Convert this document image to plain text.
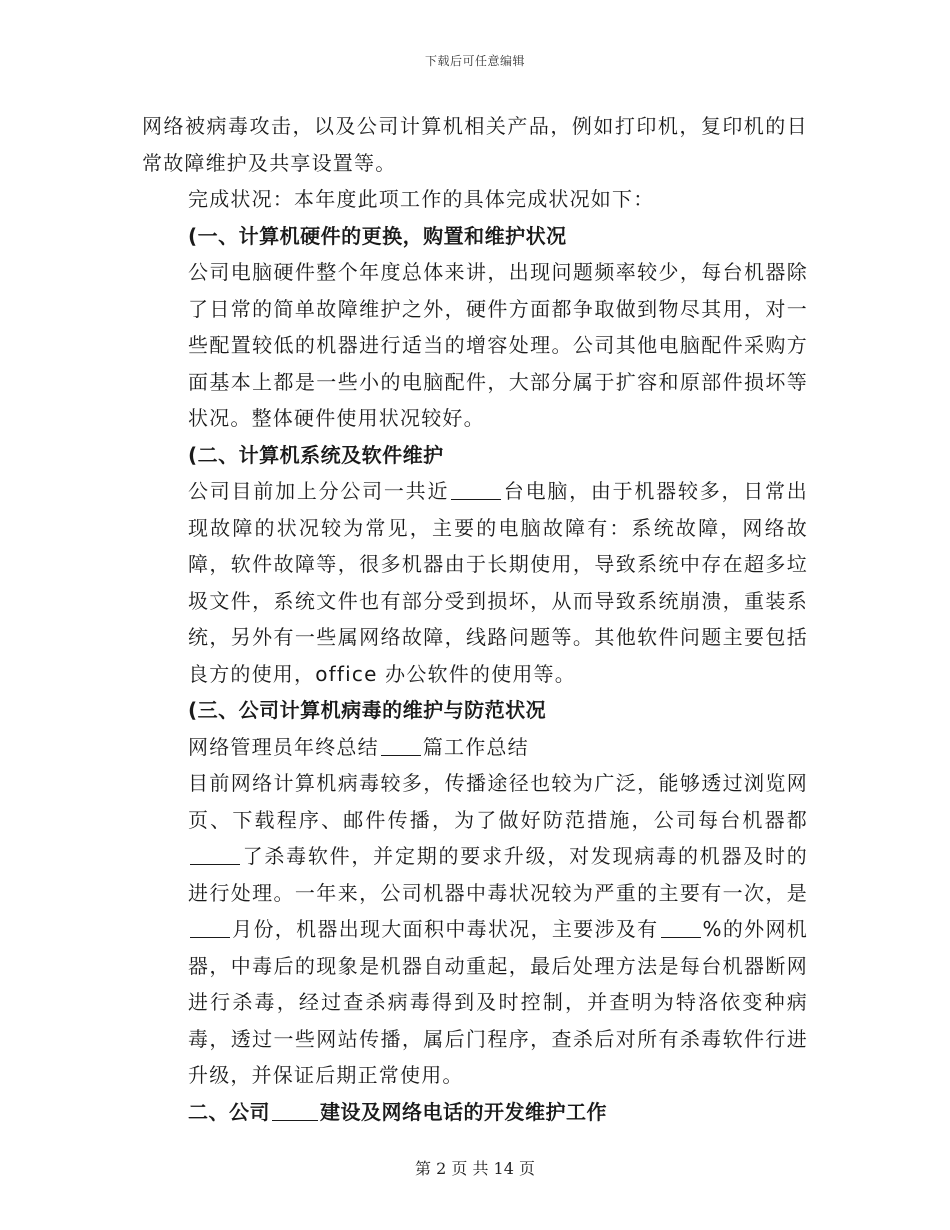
下载后可任意编辑

网络被病毒攻击，以及公司计算机相关产品，例如打印机，复印机的日常故障维护及共享设置等。

完成状况：本年度此项工作的具体完成状况如下：

(一、计算机硬件的更换，购置和维护状况

公司电脑硬件整个年度总体来讲，出现问题频率较少，每台机器除了日常的简单故障维护之外，硬件方面都争取做到物尽其用，对一些配置较低的机器进行适当的增容处理。公司其他电脑配件采购方面基本上都是一些小的电脑配件，大部分属于扩容和原部件损坏等状况。整体硬件使用状况较好。

(二、计算机系统及软件维护

公司目前加上分公司一共近	台电脑，由于机器较多，日常出现故障的状况较为常见，主要的电脑故障有：系统故障，网络故障，软件故障等，很多机器由于长期使用，导致系统中存在超多垃圾文件，系统文件也有部分受到损坏，从而导致系统崩溃，重装系统，另外有一些属网络故障，线路问题等。其他软件问题主要包括良方的使用，office 办公软件的使用等。

(三、公司计算机病毒的维护与防范状况

网络管理员年终总结 篇工作总结

目前网络计算机病毒较多，传播途径也较为广泛，能够透过浏览网页、下载程序、邮件传播，为了做好防范措施，公司每台机器都了杀毒软件，并定期的要求升级，对发现病毒的机器及时的进行处理。一年来，公司机器中毒状况较为严重的主要有一次，是月份，机器出现大面积中毒状况，主要涉及有 %的外网机器，中毒后的现象是机器自动重起，最后处理方法是每台机器断网进行杀毒，经过查杀病毒得到及时控制，并查明为特洛依变种病毒，透过一些网站传播，属后门程序，查杀后对所有杀毒软件行进升级，并保证后期正常使用。

二、公司	建设及网络电话的开发维护工作

第 2 页 共 14 页
